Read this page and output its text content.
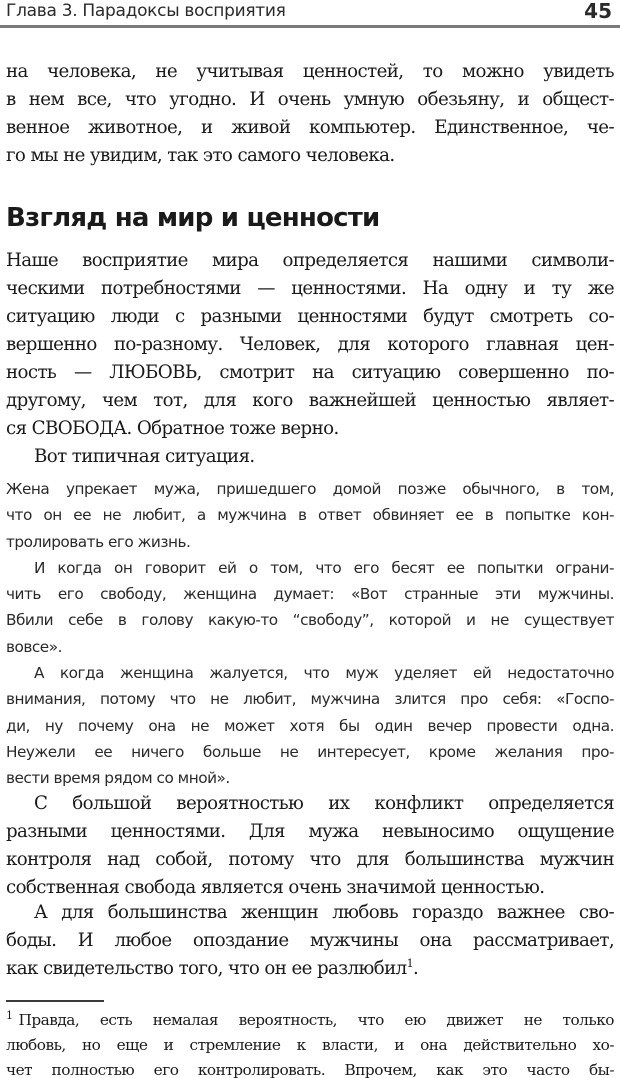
Глава 3. Парадоксы восприятия	45
на человека, не учитывая ценностей, то можно увидеть
в нем все, что угодно. И очень умную обезьяну, и общест-
венное животное, и живой компьютер. Единственное, че-
го мы не увидим, так это самого человека.
Взгляд на мир и ценности
Наше восприятие мира определяется нашими символи-
ческими потребностями — ценностями. На одну и ту же
ситуацию люди с разными ценностями будут смотреть со-
вершенно по-разному. Человек, для которого главная цен-
ность — ЛЮБОВЬ, смотрит на ситуацию совершенно по-
другому, чем тот, для кого важнейшей ценностью являет-
ся СВОБОДА. Обратное тоже верно.
Вот типичная ситуация.
Жена упрекает мужа, пришедшего домой позже обычного, в том,
что он ее не любит, а мужчина в ответ обвиняет ее в попытке кон-
тролировать его жизнь.
И когда он говорит ей о том, что его бесят ее попытки ограни-
чить его свободу, женщина думает: «Вот странные эти мужчины.
Вбили себе в голову какую-то “свободу”, которой и не существует
вовсе».
А когда женщина жалуется, что муж уделяет ей недостаточно
внимания, потому что не любит, мужчина злится про себя: «Госпо-
ди, ну почему она не может хотя бы один вечер провести одна.
Неужели ее ничего больше не интересует, кроме желания про-
вести время рядом со мной».
С большой вероятностью их конфликт определяется
разными ценностями. Для мужа невыносимо ощущение
контроля над собой, потому что для большинства мужчин
собственная свобода является очень значимой ценностью.
А для большинства женщин любовь гораздо важнее сво-
боды. И любое опоздание мужчины она рассматривает,
как свидетельство того, что он ее разлюбил$^1$.
$^1$ Правда, есть немалая вероятность, что ею движет не только
любовь, но еще и стремление к власти, и она действительно хо-
чет полностью его контролировать. Впрочем, как это часто бы-
